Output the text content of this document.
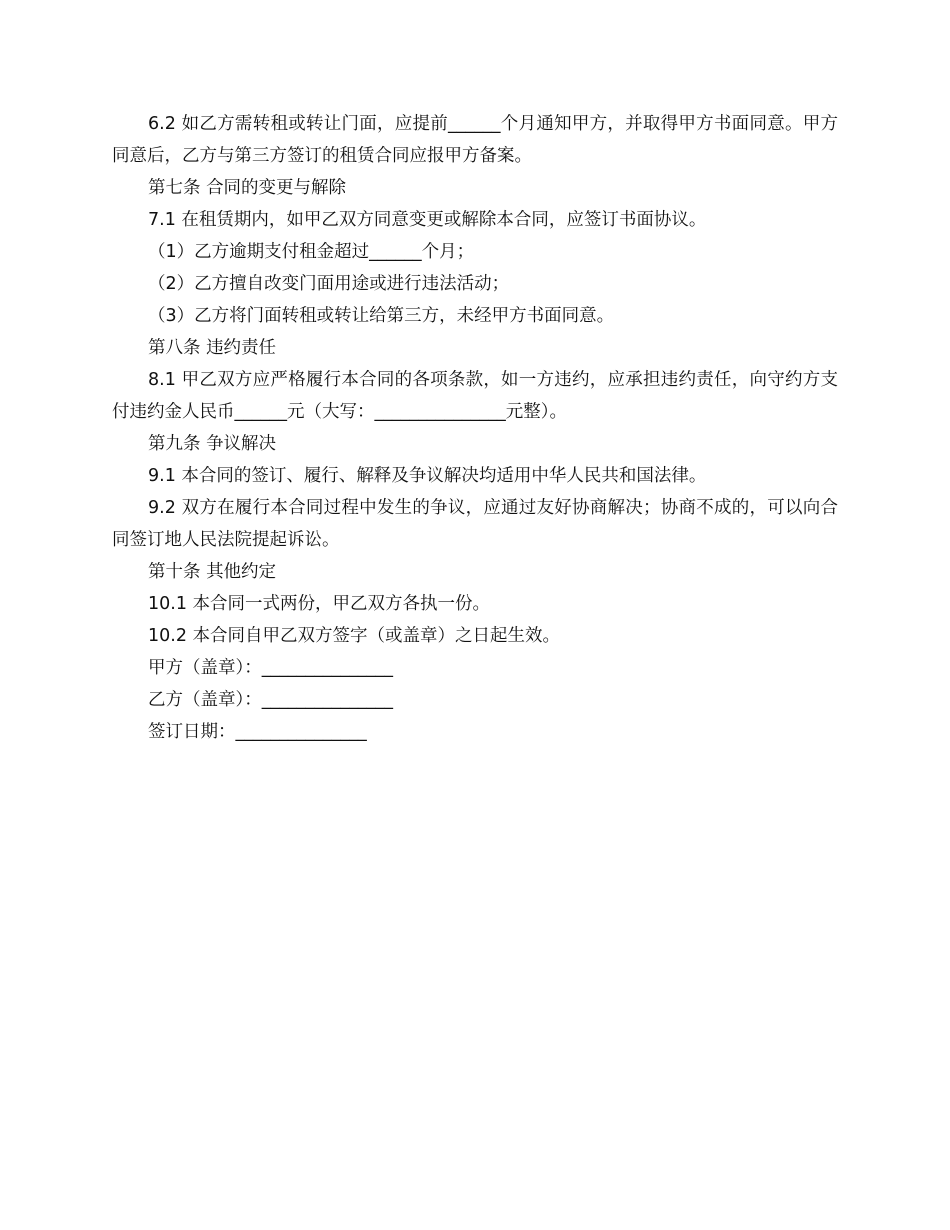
6.2 如乙方需转租或转让门面，应提前______个月通知甲方，并取得甲方书面同意。甲方同意后，乙方与第三方签订的租赁合同应报甲方备案。

第七条 合同的变更与解除

7.1 在租赁期内，如甲乙双方同意变更或解除本合同，应签订书面协议。

（1）乙方逾期支付租金超过______个月；

（2）乙方擅自改变门面用途或进行违法活动；

（3）乙方将门面转租或转让给第三方，未经甲方书面同意。

第八条 违约责任

8.1 甲乙双方应严格履行本合同的各项条款，如一方违约，应承担违约责任，向守约方支付违约金人民币______元（大写：_______________元整）。

第九条 争议解决

9.1 本合同的签订、履行、解释及争议解决均适用中华人民共和国法律。

9.2 双方在履行本合同过程中发生的争议，应通过友好协商解决；协商不成的，可以向合同签订地人民法院提起诉讼。

第十条 其他约定

10.1 本合同一式两份，甲乙双方各执一份。

10.2 本合同自甲乙双方签字（或盖章）之日起生效。

甲方（盖章）：_______________

乙方（盖章）：_______________

签订日期：_______________
